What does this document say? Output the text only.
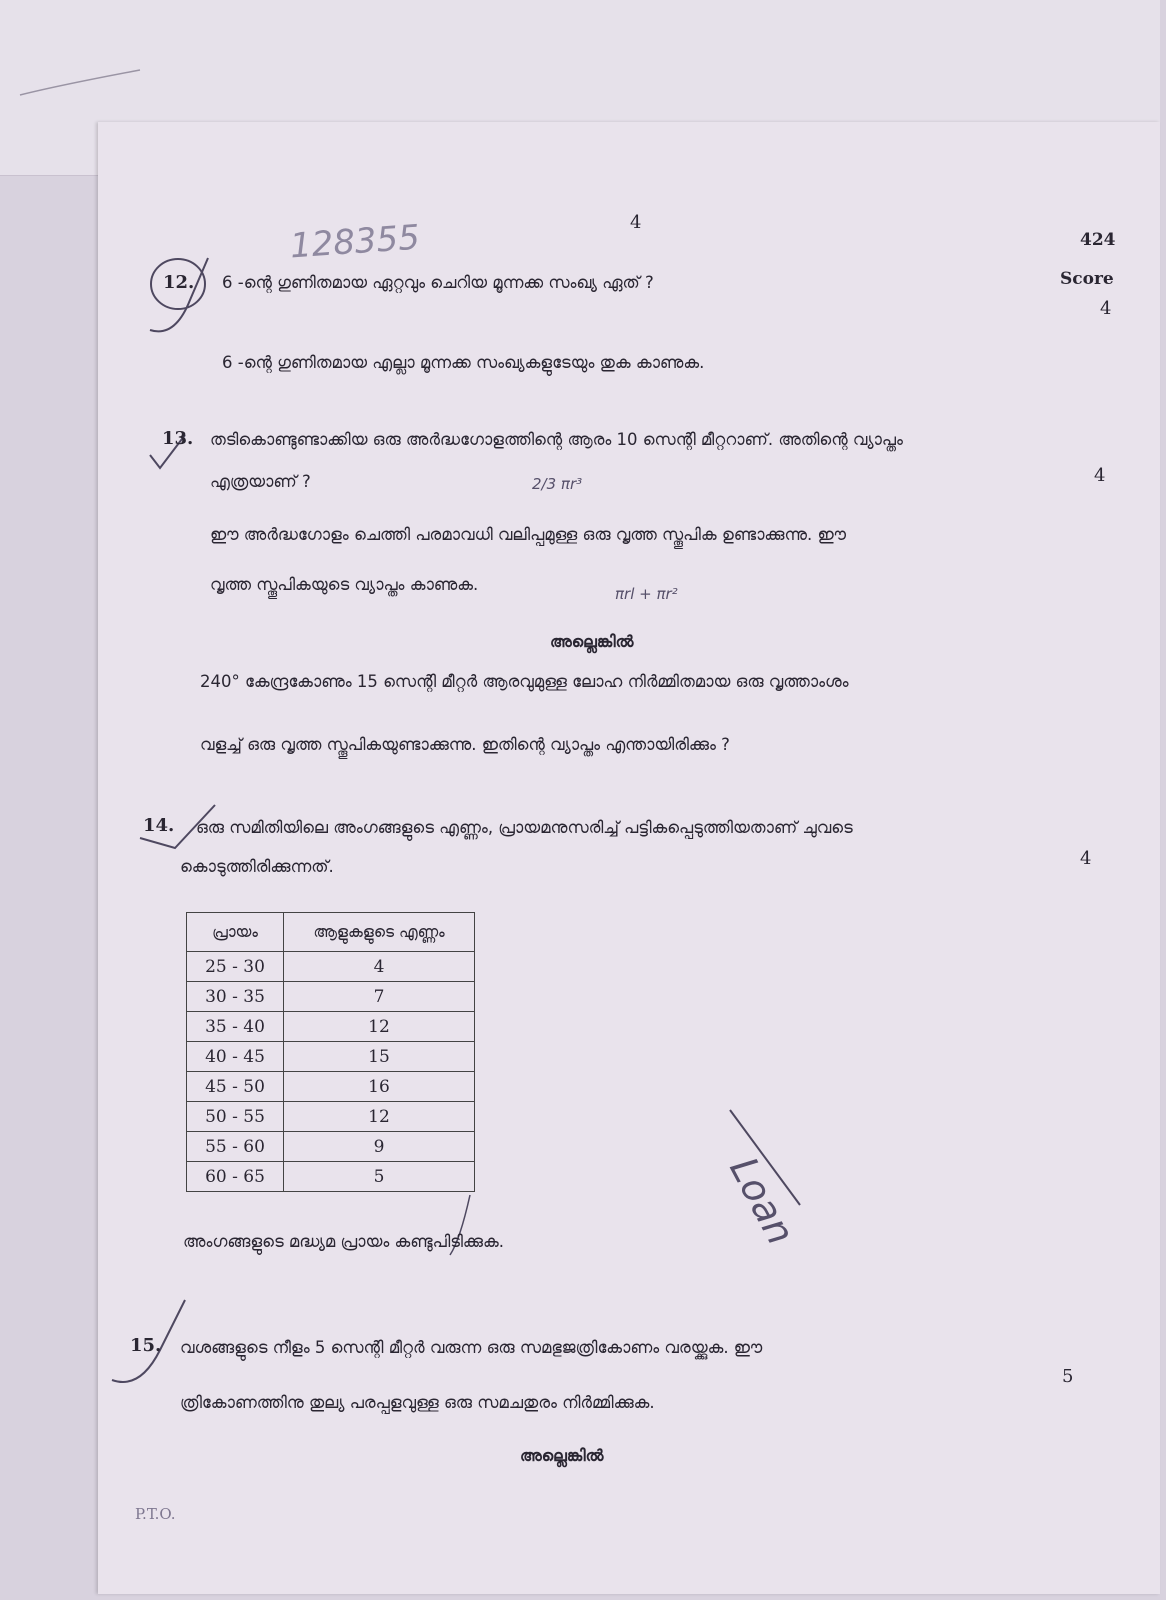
128355
2/3 πr³
πrl + πr²
Loan
4
424
Score
12. 6 -ന്റെ ഗുണിതമായ ഏറ്റവും ചെറിയ മൂന്നക്ക സംഖ്യ ഏത് ?
6 -ന്റെ ഗുണിതമായ എല്ലാ മൂന്നക്ക സംഖ്യകളുടേയും തുക കാണുക.
4
13. തടികൊണ്ടുണ്ടാക്കിയ ഒരു അർദ്ധഗോളത്തിന്റെ ആരം 10 സെന്റി മീറ്ററാണ്. അതിന്റെ വ്യാപ്തം
എത്രയാണ് ?
ഈ അർദ്ധഗോളം ചെത്തി പരമാവധി വലിപ്പമുള്ള ഒരു വൃത്ത സ്തൂപിക ഉണ്ടാക്കുന്നു. ഈ
വൃത്ത സ്തൂപികയുടെ വ്യാപ്തം കാണുക.
4
അല്ലെങ്കിൽ
240° കേന്ദ്രകോണും 15 സെന്റി മീറ്റർ ആരവുമുള്ള ലോഹ നിർമ്മിതമായ ഒരു വൃത്താംശം
വളച്ച് ഒരു വൃത്ത സ്തൂപികയുണ്ടാക്കുന്നു. ഇതിന്റെ വ്യാപ്തം എന്തായിരിക്കും ?
14. ഒരു സമിതിയിലെ അംഗങ്ങളുടെ എണ്ണം, പ്രായമനുസരിച്ച് പട്ടികപ്പെടുത്തിയതാണ് ചുവടെ
കൊടുത്തിരിക്കുന്നത്.	4
പ്രായം	ആളുകളുടെ എണ്ണം
25 - 30	4
30 - 35	7
35 - 40	12
40 - 45	15
45 - 50	16
50 - 55	12
55 - 60	9
60 - 65	5
അംഗങ്ങളുടെ മദ്ധ്യമ പ്രായം കണ്ടുപിടിക്കുക.
15. വശങ്ങളുടെ നീളം 5 സെന്റി മീറ്റർ വരുന്ന ഒരു സമഭുജത്രികോണം വരയ്ക്കുക. ഈ
ത്രികോണത്തിനു തുല്യ പരപ്പളവുള്ള ഒരു സമചതുരം നിർമ്മിക്കുക.
5
അല്ലെങ്കിൽ
P.T.O.
